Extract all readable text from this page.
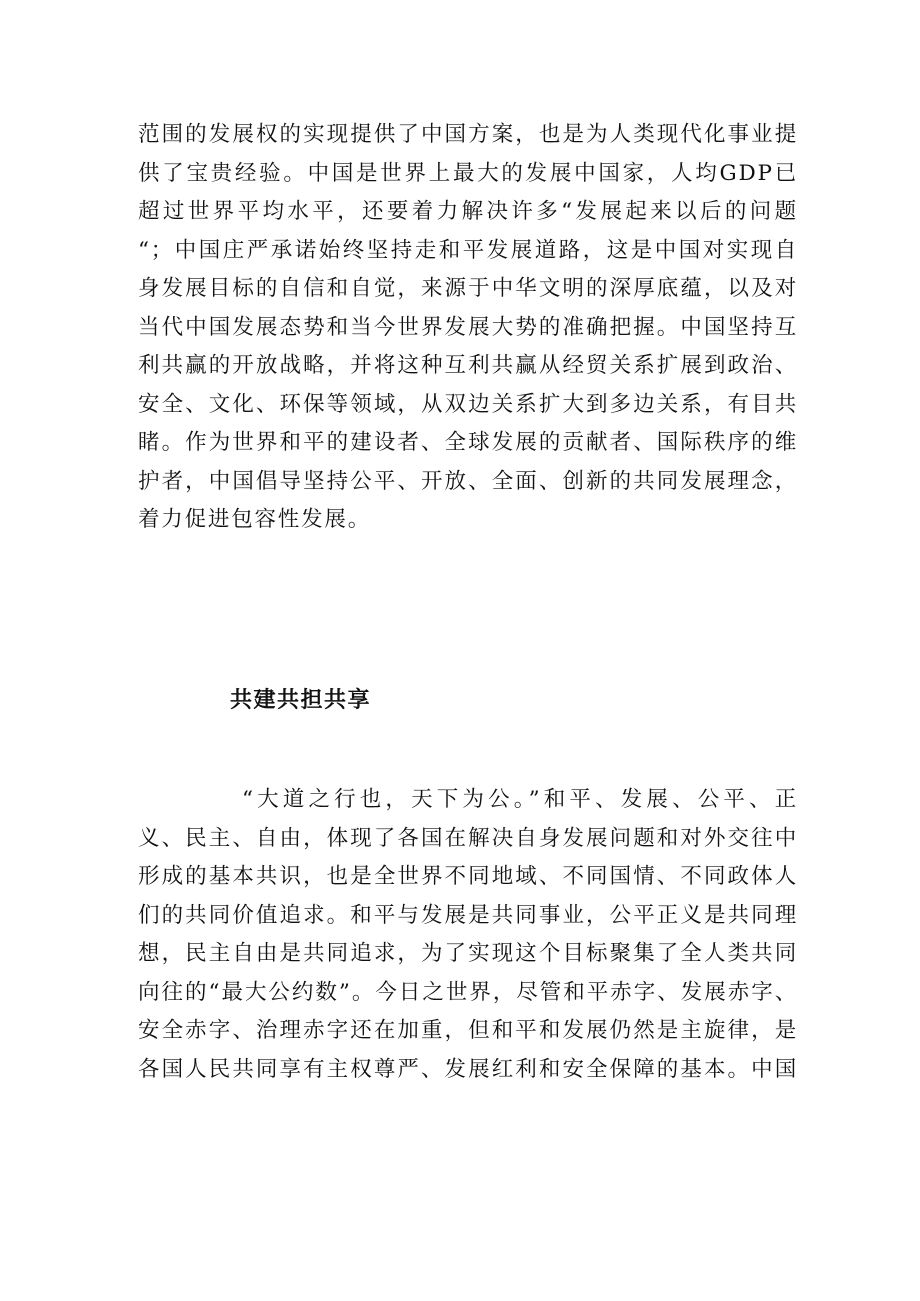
范围的发展权的实现提供了中国方案，也是为人类现代化事业提
供了宝贵经验。中国是世界上最大的发展中国家，人均GDP已
超过世界平均水平，还要着力解决许多“发展起来以后的问题
“；中国庄严承诺始终坚持走和平发展道路，这是中国对实现自
身发展目标的自信和自觉，来源于中华文明的深厚底蕴，以及对
当代中国发展态势和当今世界发展大势的准确把握。中国坚持互
利共赢的开放战略，并将这种互利共赢从经贸关系扩展到政治、
安全、文化、环保等领域，从双边关系扩大到多边关系，有目共
睹。作为世界和平的建设者、全球发展的贡献者、国际秩序的维
护者，中国倡导坚持公平、开放、全面、创新的共同发展理念，
着力促进包容性发展。
共建共担共享
“大道之行也，天下为公。”和平、发展、公平、正
义、民主、自由，体现了各国在解决自身发展问题和对外交往中
形成的基本共识，也是全世界不同地域、不同国情、不同政体人
们的共同价值追求。和平与发展是共同事业，公平正义是共同理
想，民主自由是共同追求，为了实现这个目标聚集了全人类共同
向往的“最大公约数”。今日之世界，尽管和平赤字、发展赤字、
安全赤字、治理赤字还在加重，但和平和发展仍然是主旋律，是
各国人民共同享有主权尊严、发展红利和安全保障的基本。中国
